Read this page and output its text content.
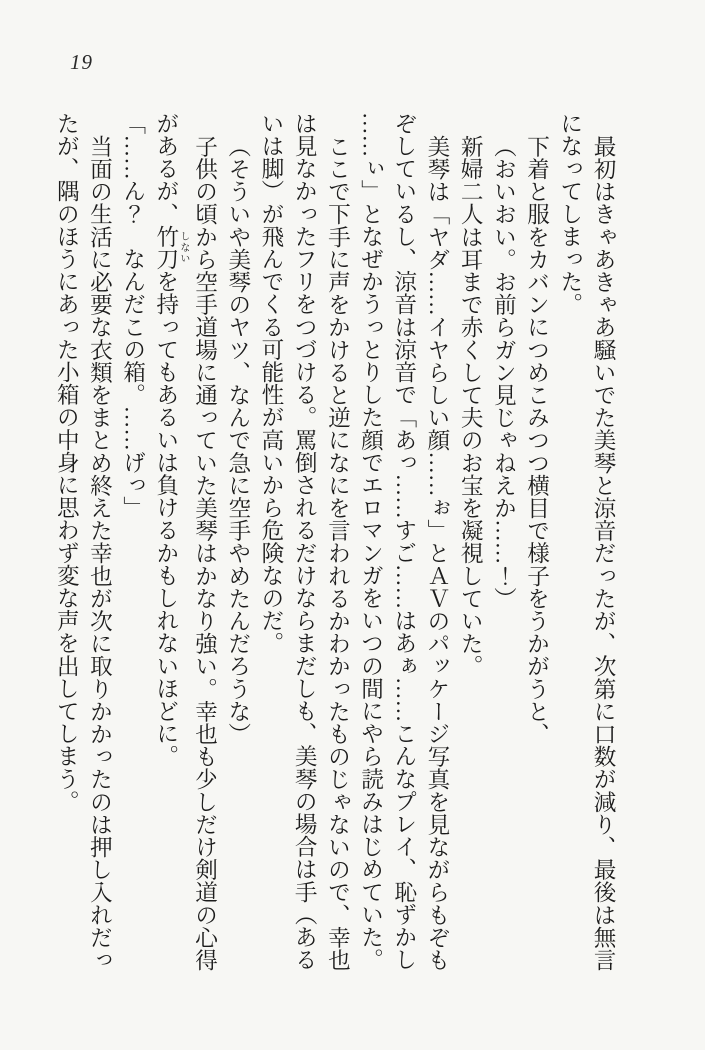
19

最初はきゃあきゃあ騒いでた美琴と涼音だったが、次第に口数が減り、最後は無言

になってしまった。

下着と服をカバンにつめこみつつ横目で様子をうかがうと、

（おいおい。お前らガン見じゃねえか……！）

新婦二人は耳まで赤くして夫のお宝を凝視していた。

美琴は「ヤダ……イヤらしい顔……ぉ」とＡＶのパッケージ写真を見ながらもぞも

ぞしているし、涼音は涼音で「あっ……すご……はあぁ……こんなプレイ、恥ずかし

……ぃ」となぜかうっとりした顔でエロマンガをいつの間にやら読みはじめていた。

ここで下手に声をかけると逆になにを言われるかわかったものじゃないので、幸也

は見なかったフリをつづける。罵倒されるだけならまだしも、美琴の場合は手（ある

いは脚）が飛んでくる可能性が高いから危険なのだ。

（そういや美琴のヤツ、なんで急に空手やめたんだろうな）

子供の頃から空手道場に通っていた美琴はかなり強い。幸也も少しだけ剣道の心得

があるが、竹刀 しないを持ってもあるいは負けるかもしれないほどに。

「……ん？　なんだこの箱。……げっ」

当面の生活に必要な衣類をまとめ終えた幸也が次に取りかかったのは押し入れだっ

たが、隅のほうにあった小箱の中身に思わず変な声を出してしまう。
